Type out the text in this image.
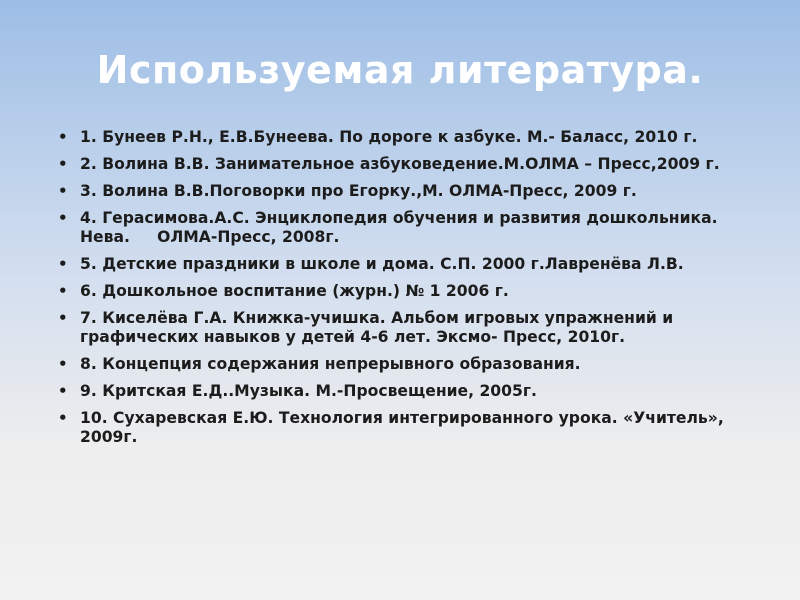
Используемая литература.
• 1. Бунеев Р.Н., Е.В.Бунеева. По дороге к азбуке. М.- Баласс, 2010 г.
• 2. Волина В.В. Занимательное азбуковедение.М.ОЛМА – Пресс,2009 г.
• 3. Волина В.В.Поговорки про Егорку.,М. ОЛМА-Пресс, 2009 г.
• 4. Герасимова.А.С. Энциклопедия обучения и развития дошкольника. Нева.     ОЛМА-Пресс, 2008г.
• 5. Детские праздники в школе и дома. С.П. 2000 г.Лавренёва Л.В.
• 6. Дошкольное воспитание (журн.) № 1 2006 г.
• 7. Киселёва Г.А. Книжка-учишка. Альбом игровых упражнений и графических навыков у детей 4-6 лет. Эксмо- Пресс, 2010г.
• 8. Концепция содержания непрерывного образования.
• 9. Критская Е.Д..Музыка. М.-Просвещение, 2005г.
• 10. Сухаревская Е.Ю. Технология интегрированного урока. «Учитель», 2009г.
